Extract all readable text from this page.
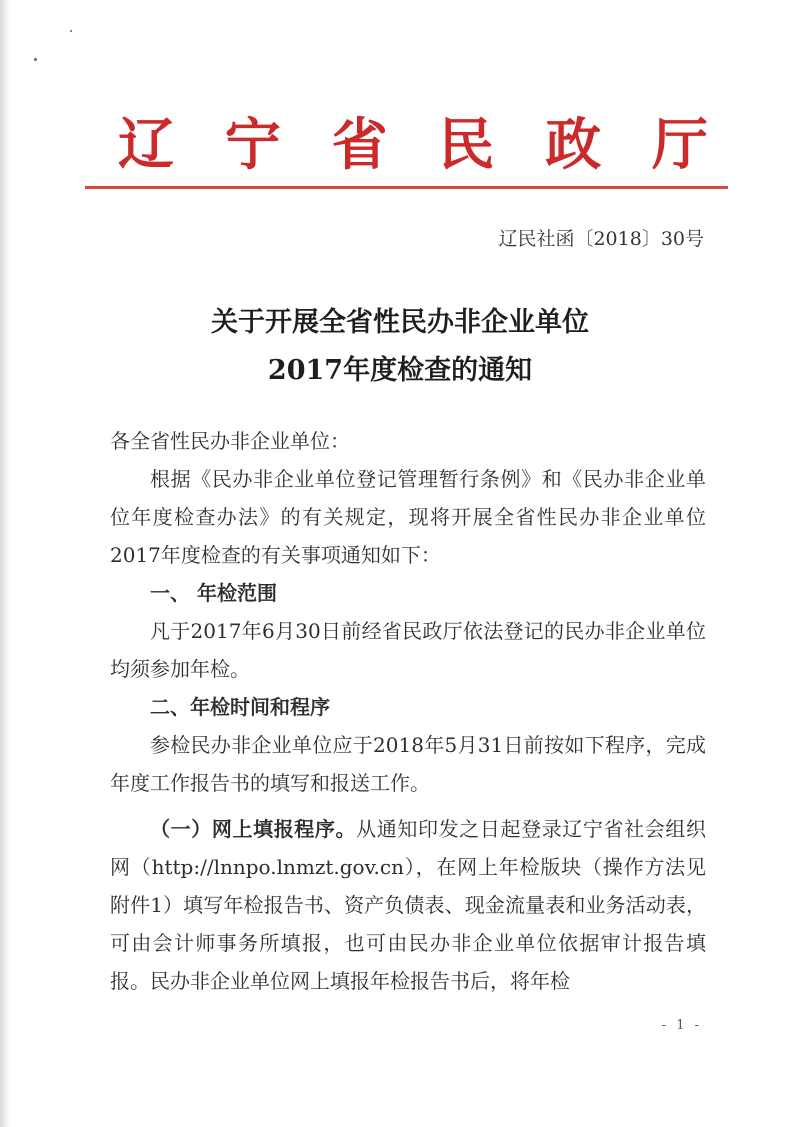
辽 宁 省 民 政 厅
辽民社函〔2018〕30号
关于开展全省性民办非企业单位
2017年度检查的通知
各全省性民办非企业单位：
根据《民办非企业单位登记管理暂行条例》和《民办非企业单位年度检查办法》的有关规定，现将开展全省性民办非企业单位2017年度检查的有关事项通知如下：
一、 年检范围
凡于2017年6月30日前经省民政厅依法登记的民办非企业单位均须参加年检。
二、年检时间和程序
参检民办非企业单位应于2018年5月31日前按如下程序，完成年度工作报告书的填写和报送工作。
（一）网上填报程序。从通知印发之日起登录辽宁省社会组织网（http://lnnpo.lnmzt.gov.cn），在网上年检版块（操作方法见附件1）填写年检报告书、资产负债表、现金流量表和业务活动表，可由会计师事务所填报，也可由民办非企业单位依据审计报告填报。民办非企业单位网上填报年检报告书后，将年检
- 1 -
